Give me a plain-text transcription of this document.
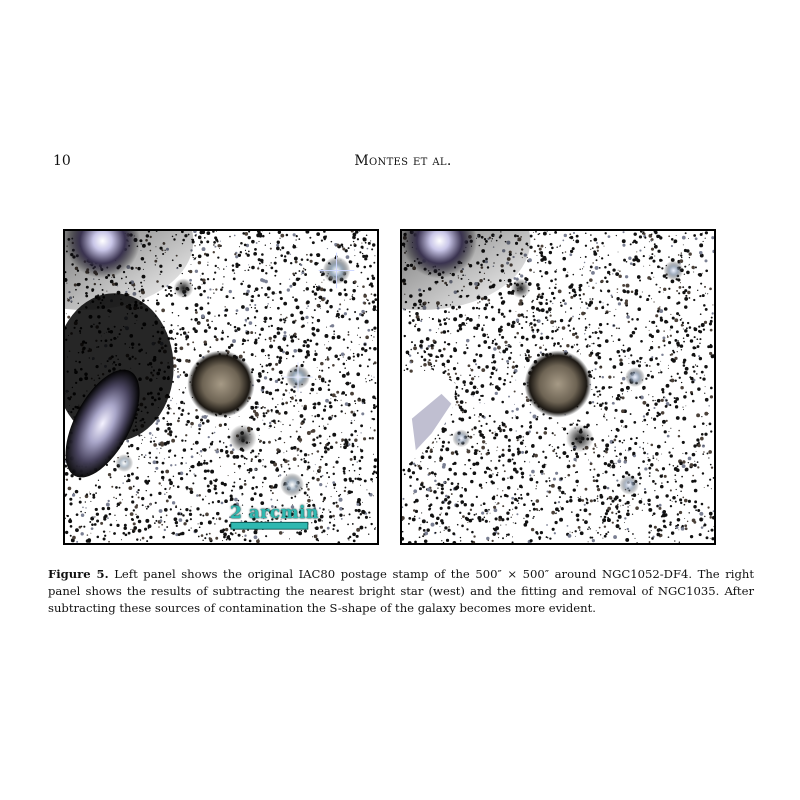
10	Montes et al.
2 arcmin
Figure 5. Left panel shows the original IAC80 postage stamp of the 500″ × 500″ around NGC1052-DF4. The right panel shows the results of subtracting the nearest bright star (west) and the fitting and removal of NGC1035. After subtracting these sources of contamination the S-shape of the galaxy becomes more evident.
